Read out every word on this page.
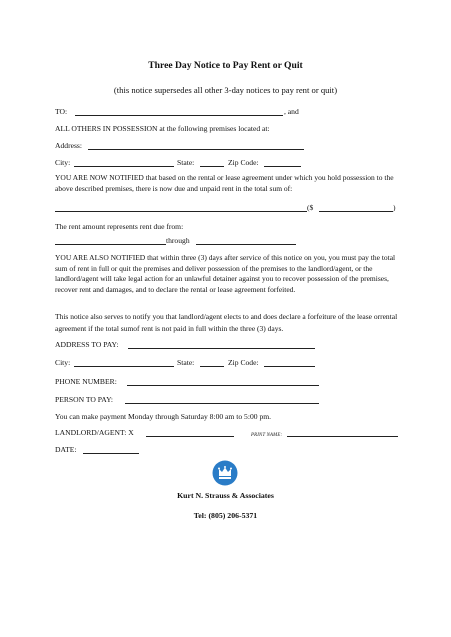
Three Day Notice to Pay Rent or Quit
(this notice supersedes all other 3-day notices to pay rent or quit)
TO:	, and
ALL OTHERS IN POSSESSION at the following premises located at:
Address:
City:	State:	Zip Code:
YOU ARE NOW NOTIFIED that based on the rental or lease agreement under which you hold possession to the above described premises, there is now due and unpaid rent in the total sum of:
($	)
The rent amount represents rent due from:
through
YOU ARE ALSO NOTIFIED that within three (3) days after service of this notice on you, you must pay the total sum of rent in full or quit the premises and deliver possession of the premises to the landlord/agent, or the landlord/agent will take legal action for an unlawful detainer against you to recover possession of the premises, recover rent and damages, and to declare the rental or lease agreement forfeited.
This notice also serves to notify you that landlord/agent elects to and does declare a forfeiture of the lease orrental agreement if the total sumof rent is not paid in full within the three (3) days.
ADDRESS TO PAY:
City:	State:	Zip Code:
PHONE NUMBER:
PERSON TO PAY:
You can make payment Monday through Saturday 8:00 am to 5:00 pm.
LANDLORD/AGENT: X	PRINT NAME:
DATE:
Kurt N. Strauss & Associates
Tel: (805) 206-5371
